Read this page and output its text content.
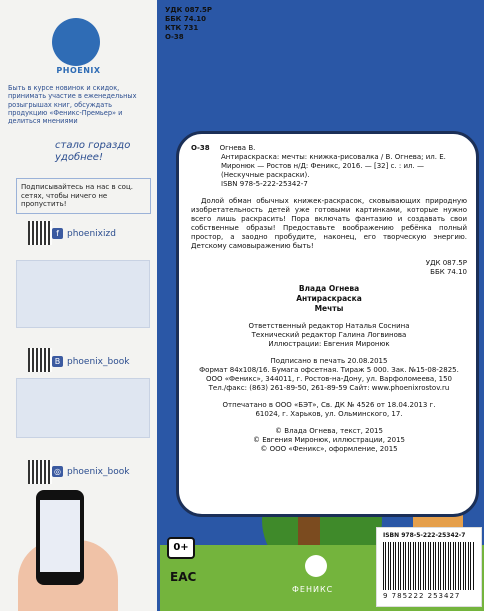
PHOENIX
Быть в курсе новинок и скидок, принимать участие в еженедельных розыгрышах книг, обсуждать продукцию «Феникс-Премьер» и делиться мнениями
стало гораздо удобнее!
Подписывайтесь на нас в соц. сетях, чтобы ничего не пропустить!
f phoenixizd
B phoenix_book
◎ phoenix_book
УДК 087.5Р
ББК 74.10
КТК 731
О-38
О-38 Огнева В.
Антираскраска: мечты: книжка-рисовалка / В. Огнева; ил. Е. Миронюк — Ростов н/Д: Феникс, 2016. — [32] с. : ил. — (Нескучные раскраски).
ISBN 978-5-222-25342-7
Долой обман обычных книжек-раскрасок, сковывающих природную изобретательность детей уже готовыми картинками, которые нужно всего лишь раскрасить! Пора включать фантазию и создавать свои собственные образы! Предоставьте воображению ребёнка полный простор, а заодно пробудите, наконец, его творческую энергию. Детскому самовыражению быть!
УДК 087.5Р
ББК 74.10
Влада Огнева
Антираскраска
Мечты
Ответственный редактор Наталья Соснина
Технический редактор Галина Логвинова
Иллюстрации: Евгения Миронюк
Подписано в печать 20.08.2015
Формат 84x108/16. Бумага офсетная. Тираж 5 000. Зак. №15-08-2825.
ООО «Феникс», 344011, г. Ростов-на-Дону, ул. Варфоломеева, 150
Тел./факс: (863) 261-89-50, 261-89-59 Сайт: www.phoenixrostov.ru
Отпечатано в ООО «БЭТ», Св. ДК № 4526 от 18.04.2013 г.
61024, г. Харьков, ул. Ольминского, 17.
© Влада Огнева, текст, 2015
© Евгения Миронюк, иллюстрации, 2015
© ООО «Феникс», оформление, 2015
0+
EAC
ФЕНИКС
ISBN 978-5-222-25342-7
9 785222 253427
